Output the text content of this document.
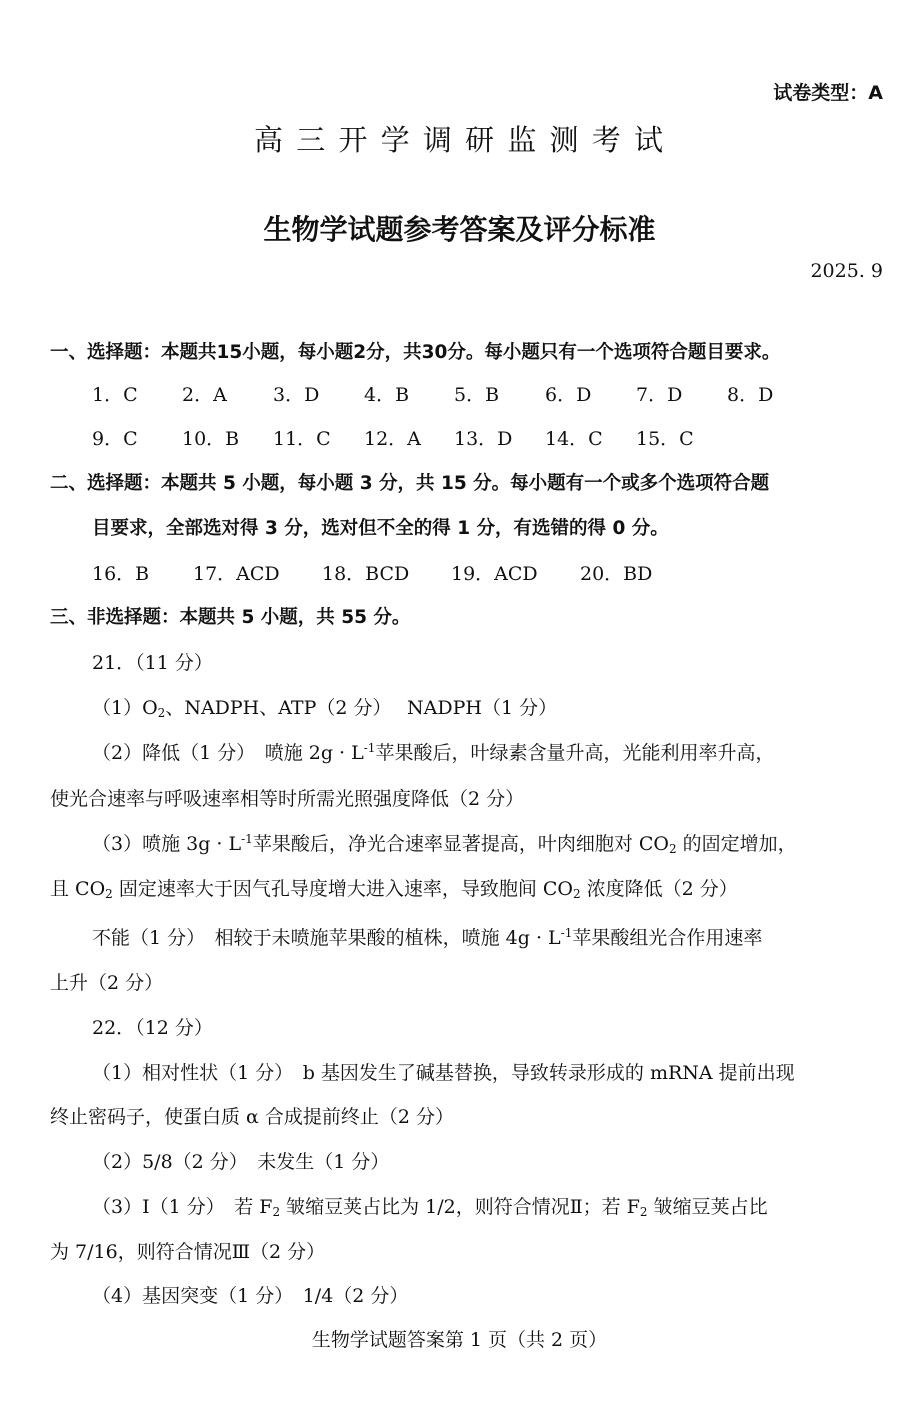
试卷类型：A
高 三 开 学 调 研 监 测 考 试
生物学试题参考答案及评分标准
2025. 9
一、选择题：本题共15小题，每小题2分，共30分。每小题只有一个选项符合题目要求。
1．C 2．A 3．D 4．B 5．B 6．D 7．D 8．D
9．C 10．B 11．C 12．A 13．D 14．C 15．C
二、选择题：本题共 5 小题，每小题 3 分，共 15 分。每小题有一个或多个选项符合题
目要求，全部选对得 3 分，选对但不全的得 1 分，有选错的得 0 分。
16．B 17．ACD 18．BCD 19．ACD 20．BD
三、非选择题：本题共 5 小题，共 55 分。
21．（11 分）
$(1)O_2$、NADPH、ATP（2 分）　 NADPH（1 分）
（2）降低（1 分）　喷施 $2g \cdot L^{-1}$苹果酸后，叶绿素含量升高，光能利用率升高，
使光合速率与呼吸速率相等时所需光照强度降低（2 分）
（3）喷施 $3g \cdot L^{-1}$苹果酸后，净光合速率显著提高，叶肉细胞对 $CO_2$ 的固定增加，
且 $CO_2$ 固定速率大于因气孔导度增大进入速率，导致胞间 $CO_2$ 浓度降低（2 分）
不能（1 分）　相较于未喷施苹果酸的植株，喷施 $4g \cdot L^{-1}$苹果酸组光合作用速率
上升（2 分）
22．（12 分）
（1）相对性状（1 分）　b 基因发生了碱基替换，导致转录形成的 mRNA 提前出现
终止密码子，使蛋白质 α 合成提前终止（2 分）
（2）5/8（2 分）　未发生（1 分）
（3）Ⅰ（1 分）　若 $F_2$ 皱缩豆荚占比为 1/2，则符合情况Ⅱ；若 $F_2$ 皱缩豆荚占比
为 7/16，则符合情况Ⅲ（2 分）
（4）基因突变（1 分）　1/4（2 分）
生物学试题答案第 1 页（共 2 页）
